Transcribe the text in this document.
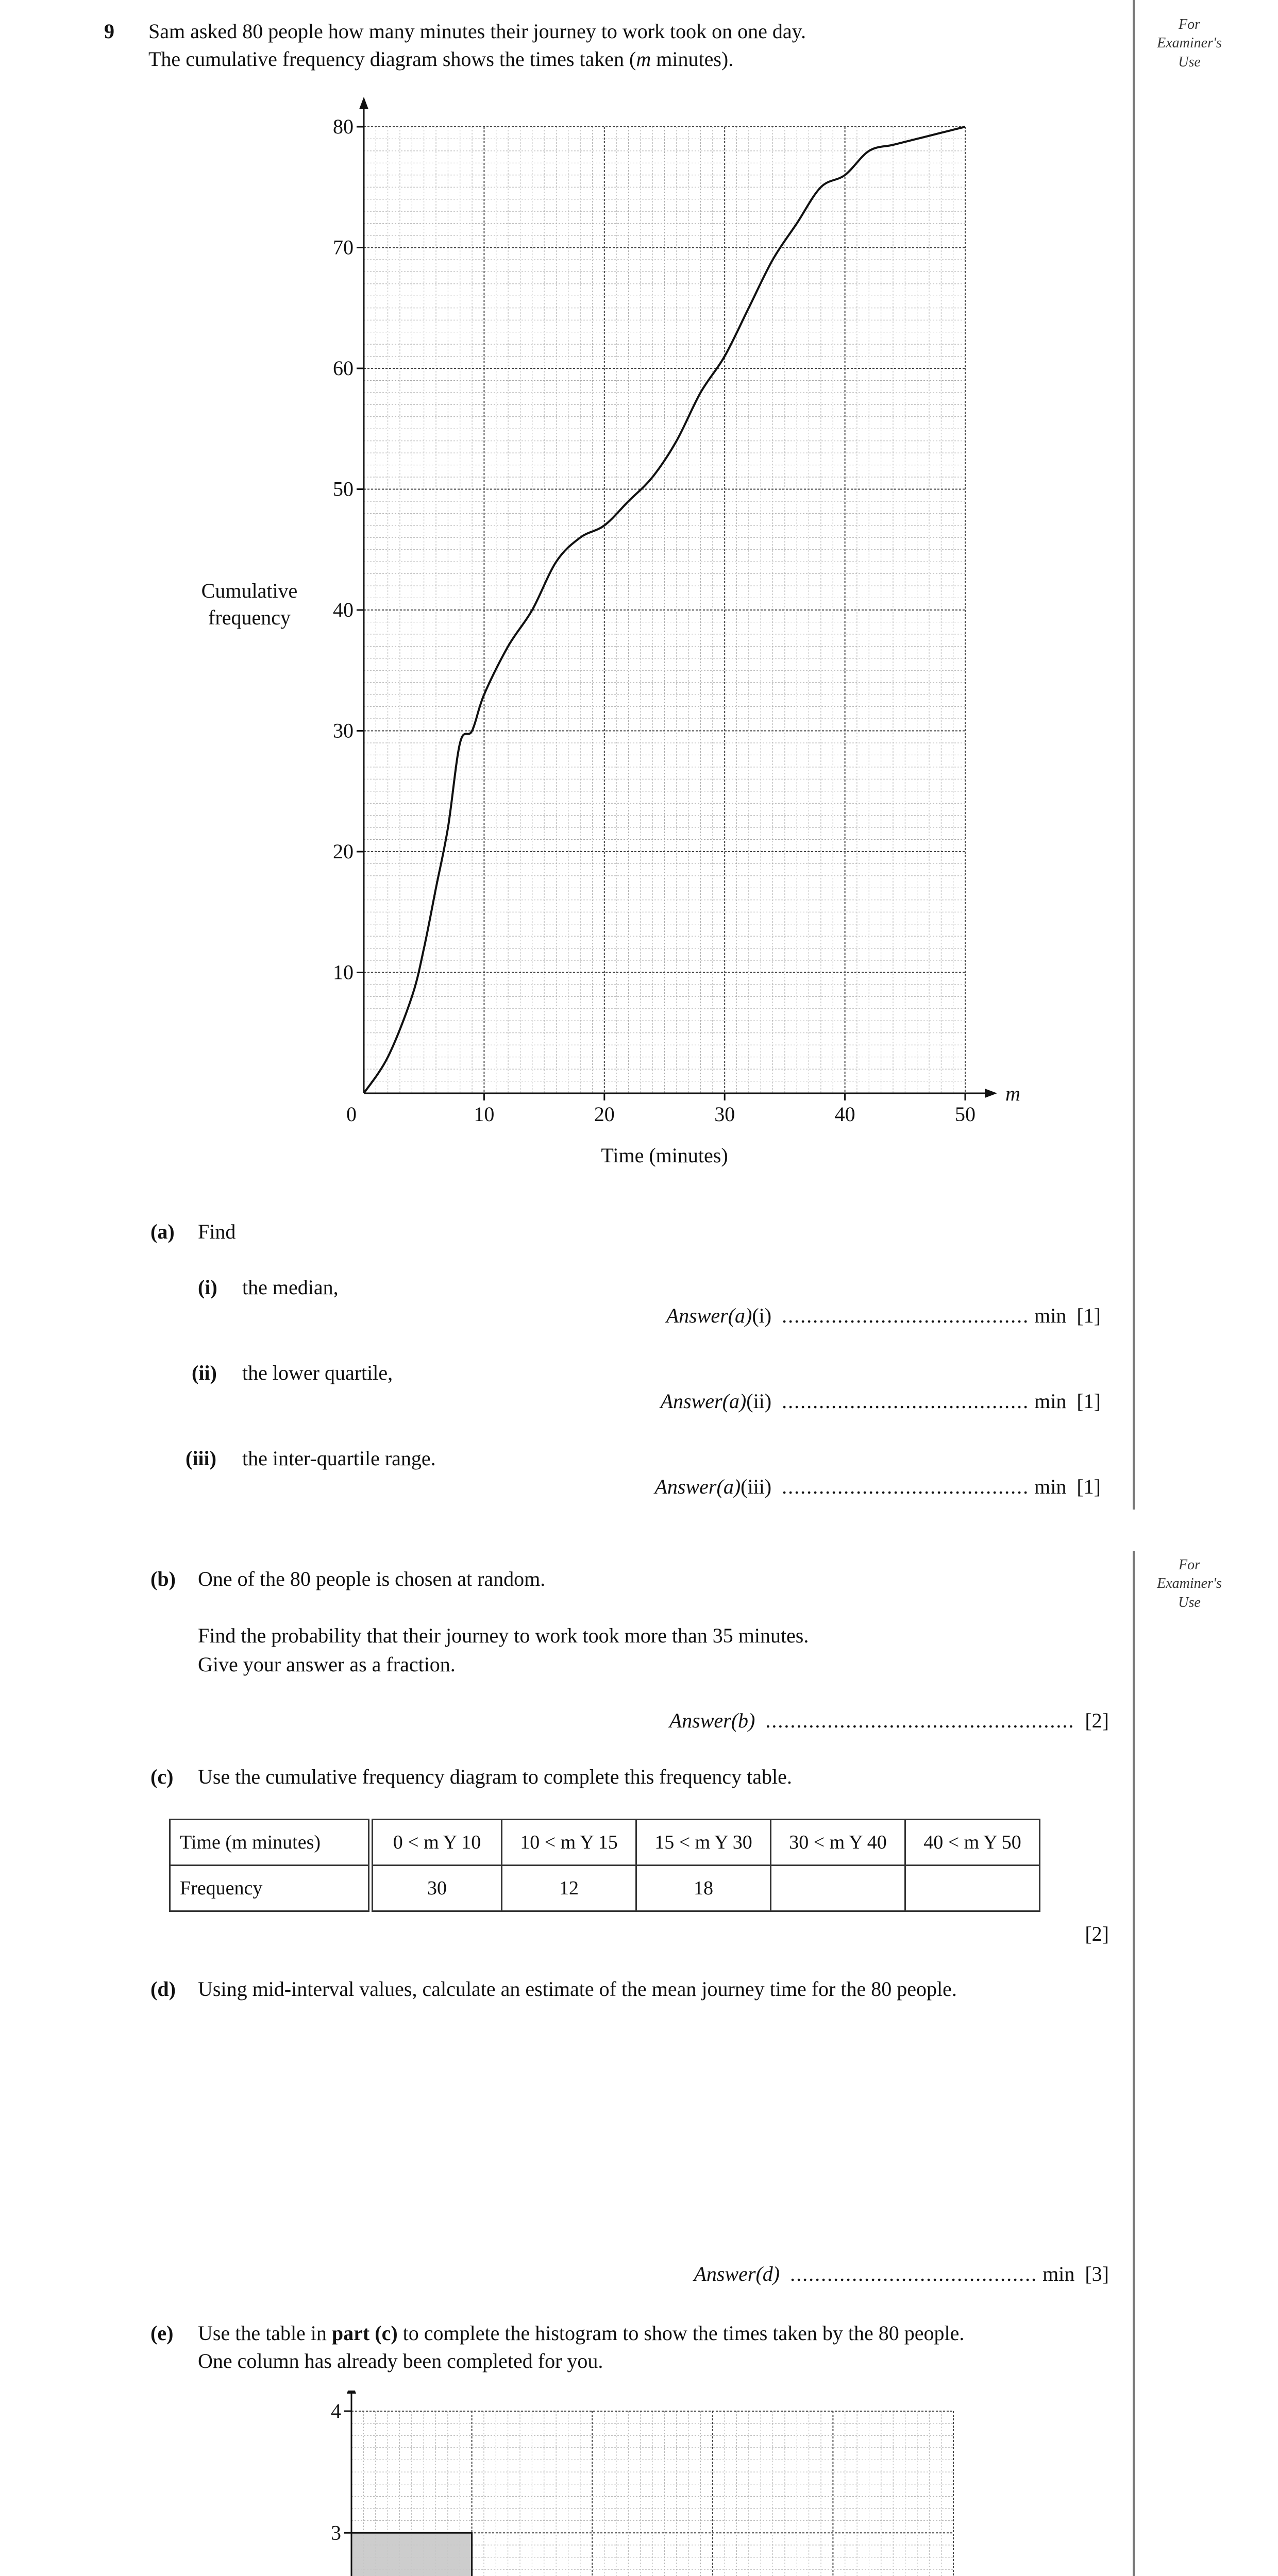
9 Sam asked 80 people how many minutes their journey to work took on one day.
The cumulative frequency diagram shows the times taken (m minutes).
For
Examiner's
Use
m
0	10	20	30	40	50
10
20
30
40
50
60
70
80
Cumulative
frequency
Time (minutes)
(a) Find
(i) the median,
Answer(a)(i) ........................................ min [1]
(ii) the lower quartile,
Answer(a)(ii) ........................................ min [1]
(iii) the inter-quartile range.
Answer(a)(iii) ........................................ min [1]
For
Examiner's
Use
(b) One of the 80 people is chosen at random.
Find the probability that their journey to work took more than 35 minutes.
Give your answer as a fraction.
Answer(b) .................................................. [2]
(c) Use the cumulative frequency diagram to complete this frequency table.
Time (m minutes)	0 < m Y 10	10 < m Y 15	15 < m Y 30	30 < m Y 40	40 < m Y 50
Frequency	30	12	18		
[2]
(d) Using mid-interval values, calculate an estimate of the mean journey time for the 80 people.
Answer(d) ........................................ min [3]
(e) Use the table in part (c) to complete the histogram to show the times taken by the 80 people.
One column has already been completed for you.
3
4
